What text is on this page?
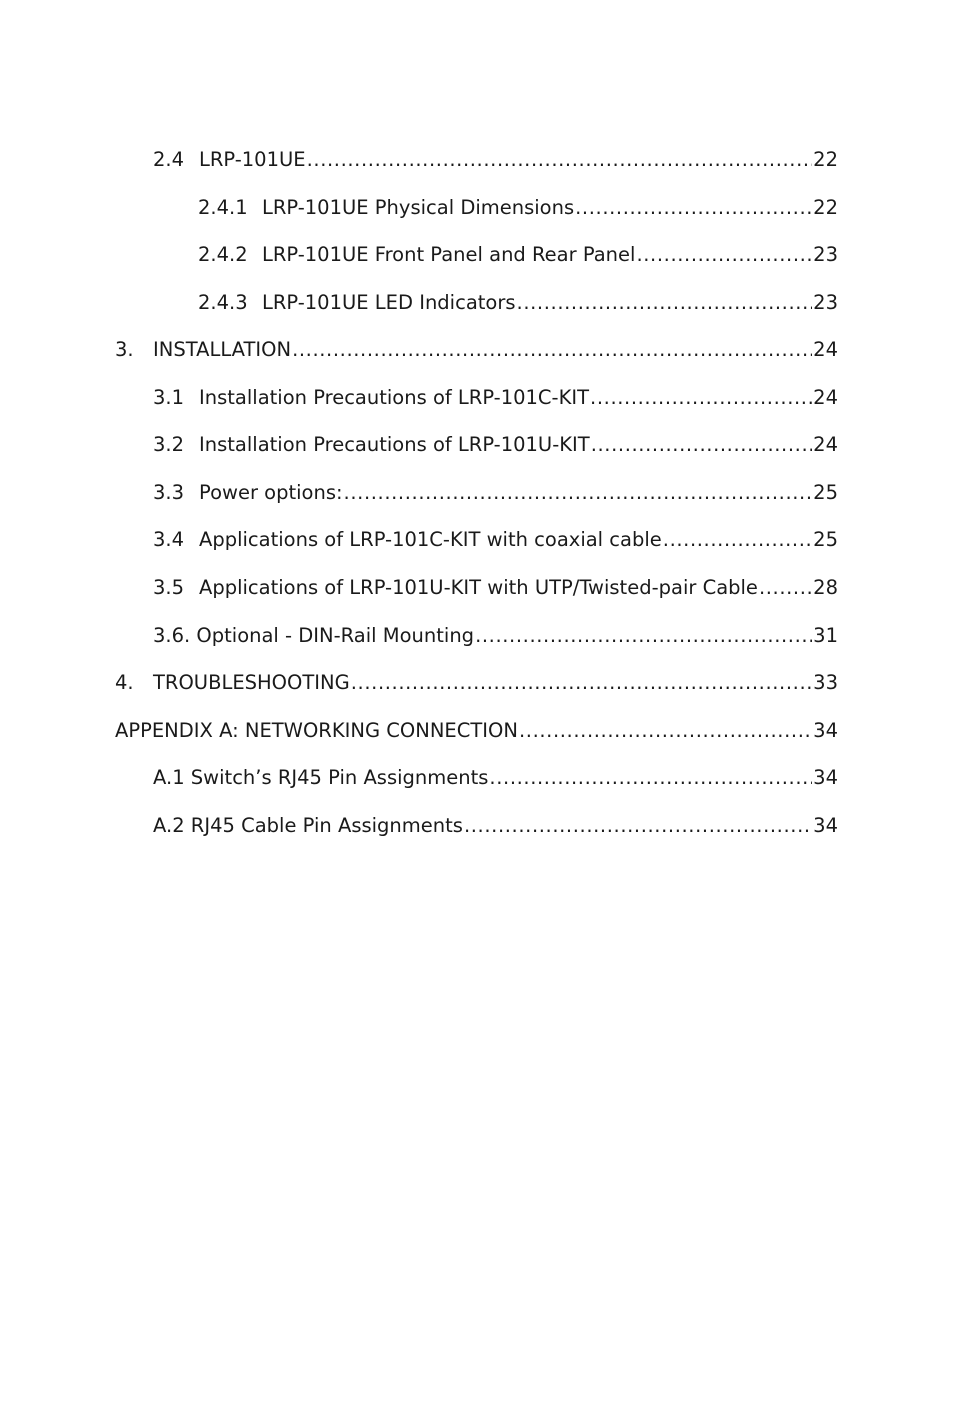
2.4 LRP-101UE .....	22
2.4.1 LRP-101UE Physical Dimensions .....	22
2.4.2 LRP-101UE Front Panel and Rear Panel .....	23
2.4.3 LRP-101UE LED Indicators .....	23
3. INSTALLATION .....	24
3.1 Installation Precautions of LRP-101C-KIT .....	24
3.2 Installation Precautions of LRP-101U-KIT .....	24
3.3 Power options: .....	25
3.4 Applications of LRP-101C-KIT with coaxial cable .....	25
3.5 Applications of LRP-101U-KIT with UTP/Twisted-pair Cable .....	28
3.6. Optional - DIN-Rail Mounting .....	31
4. TROUBLESHOOTING .....	33
APPENDIX A: NETWORKING CONNECTION .....	34
A.1 Switch’s RJ45 Pin Assignments .....	34
A.2 RJ45 Cable Pin Assignments .....	34
